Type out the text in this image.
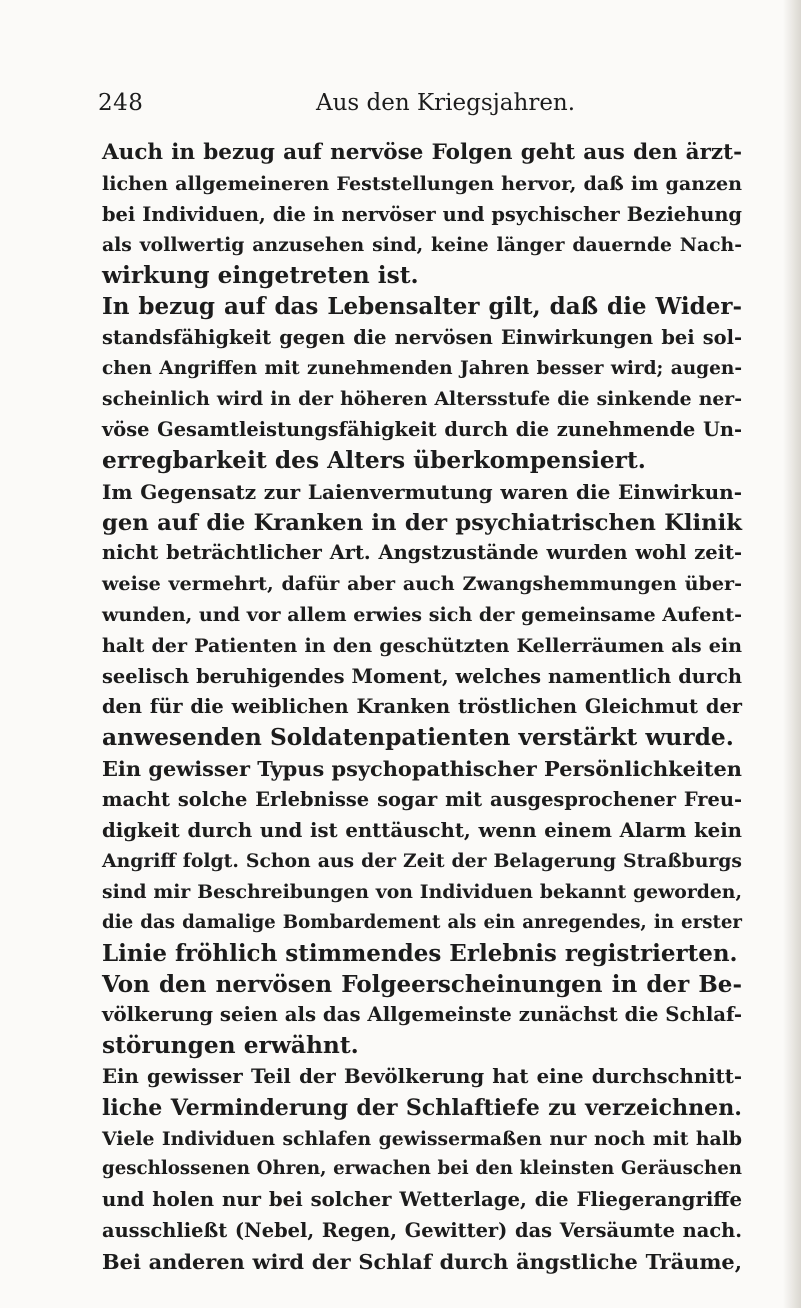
248	Aus den Kriegsjahren.
Auch in bezug auf nervöse Folgen geht aus den ärzt-
lichen allgemeineren Feststellungen hervor, daß im ganzen
bei Individuen, die in nervöser und psychischer Beziehung
als vollwertig anzusehen sind, keine länger dauernde Nach-
wirkung eingetreten ist.
In bezug auf das Lebensalter gilt, daß die Wider-
standsfähigkeit gegen die nervösen Einwirkungen bei sol-
chen Angriffen mit zunehmenden Jahren besser wird; augen-
scheinlich wird in der höheren Altersstufe die sinkende ner-
vöse Gesamtleistungsfähigkeit durch die zunehmende Un-
erregbarkeit des Alters überkompensiert.
Im Gegensatz zur Laienvermutung waren die Einwirkun-
gen auf die Kranken in der psychiatrischen Klinik
nicht beträchtlicher Art. Angstzustände wurden wohl zeit-
weise vermehrt, dafür aber auch Zwangshemmungen über-
wunden, und vor allem erwies sich der gemeinsame Aufent-
halt der Patienten in den geschützten Kellerräumen als ein
seelisch beruhigendes Moment, welches namentlich durch
den für die weiblichen Kranken tröstlichen Gleichmut der
anwesenden Soldatenpatienten verstärkt wurde.
Ein gewisser Typus psychopathischer Persönlichkeiten
macht solche Erlebnisse sogar mit ausgesprochener Freu-
digkeit durch und ist enttäuscht, wenn einem Alarm kein
Angriff folgt. Schon aus der Zeit der Belagerung Straßburgs
sind mir Beschreibungen von Individuen bekannt geworden,
die das damalige Bombardement als ein anregendes, in erster
Linie fröhlich stimmendes Erlebnis registrierten.
Von den nervösen Folgeerscheinungen in der Be-
völkerung seien als das Allgemeinste zunächst die Schlaf-
störungen erwähnt.
Ein gewisser Teil der Bevölkerung hat eine durchschnitt-
liche Verminderung der Schlaftiefe zu verzeichnen.
Viele Individuen schlafen gewissermaßen nur noch mit halb
geschlossenen Ohren, erwachen bei den kleinsten Geräuschen
und holen nur bei solcher Wetterlage, die Fliegerangriffe
ausschließt (Nebel, Regen, Gewitter) das Versäumte nach.
Bei anderen wird der Schlaf durch ängstliche Träume,
